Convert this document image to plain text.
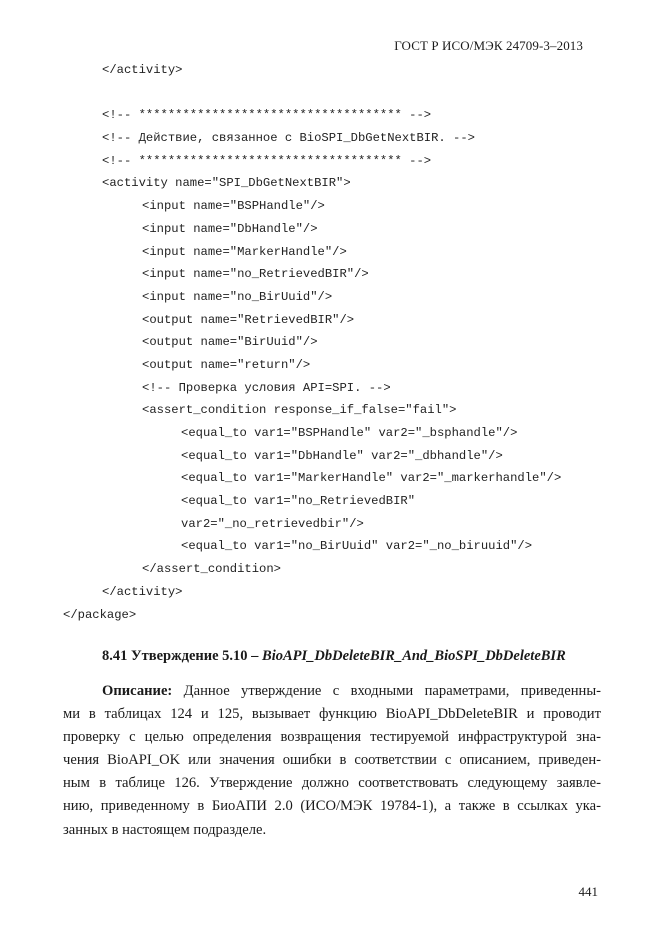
ГОСТ Р ИСО/МЭК 24709-3–2013
</activity>
<!-- ************************************ -->
<!-- Действие, связанное с BioSPI_DbGetNextBIR. -->
<!-- ************************************ -->
<activity name="SPI_DbGetNextBIR">
<input name="BSPHandle"/>
<input name="DbHandle"/>
<input name="MarkerHandle"/>
<input name="no_RetrievedBIR"/>
<input name="no_BirUuid"/>
<output name="RetrievedBIR"/>
<output name="BirUuid"/>
<output name="return"/>
<!-- Проверка условия API=SPI. -->
<assert_condition response_if_false="fail">
<equal_to var1="BSPHandle" var2="_bsphandle"/>
<equal_to var1="DbHandle" var2="_dbhandle"/>
<equal_to var1="MarkerHandle" var2="_markerhandle"/>
<equal_to var1="no_RetrievedBIR"
var2="_no_retrievedbir"/>
<equal_to var1="no_BirUuid" var2="_no_biruuid"/>
</assert_condition>
</activity>
</package>
8.41 Утверждение 5.10 – BioAPI_DbDeleteBIR_And_BioSPI_DbDeleteBIR
Описание: Данное утверждение с входными параметрами, приведенны-
ми в таблицах 124 и 125, вызывает функцию BioAPI_DbDeleteBIR и проводит
проверку с целью определения возвращения тестируемой инфраструктурой зна-
чения BioAPI_OK или значения ошибки в соответствии с описанием, приведен-
ным в таблице 126. Утверждение должно соответствовать следующему заявле-
нию, приведенному в БиоАПИ 2.0 (ИСО/МЭК 19784-1), а также в ссылках ука-
занных в настоящем подразделе.
441
